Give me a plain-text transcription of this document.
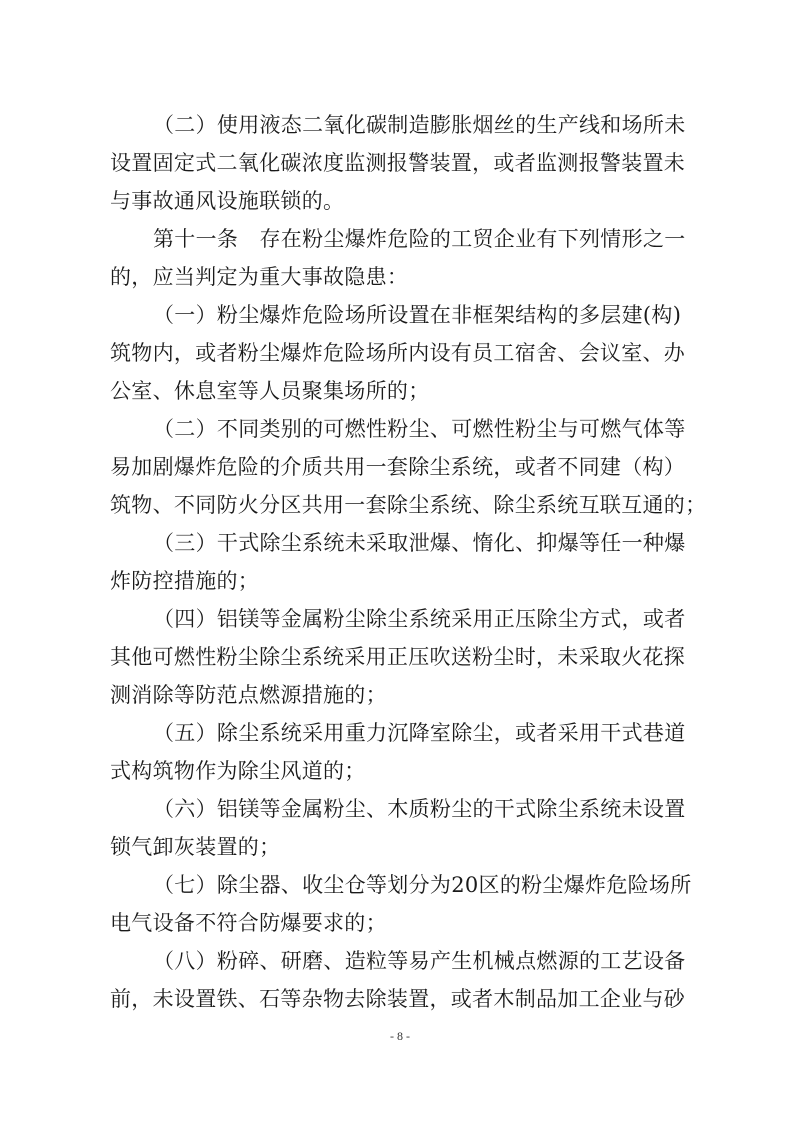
（二）使用液态二氧化碳制造膨胀烟丝的生产线和场所未
设置固定式二氧化碳浓度监测报警装置，或者监测报警装置未
与事故通风设施联锁的。
第十一条　存在粉尘爆炸危险的工贸企业有下列情形之一
的，应当判定为重大事故隐患：
（一）粉尘爆炸危险场所设置在非框架结构的多层建(构)
筑物内，或者粉尘爆炸危险场所内设有员工宿舍、会议室、办
公室、休息室等人员聚集场所的；
（二）不同类别的可燃性粉尘、可燃性粉尘与可燃气体等
易加剧爆炸危险的介质共用一套除尘系统，或者不同建（构）
筑物、不同防火分区共用一套除尘系统、除尘系统互联互通的；
（三）干式除尘系统未采取泄爆、惰化、抑爆等任一种爆
炸防控措施的；
（四）铝镁等金属粉尘除尘系统采用正压除尘方式，或者
其他可燃性粉尘除尘系统采用正压吹送粉尘时，未采取火花探
测消除等防范点燃源措施的；
（五）除尘系统采用重力沉降室除尘，或者采用干式巷道
式构筑物作为除尘风道的；
（六）铝镁等金属粉尘、木质粉尘的干式除尘系统未设置
锁气卸灰装置的；
（七）除尘器、收尘仓等划分为20区的粉尘爆炸危险场所
电气设备不符合防爆要求的；
- 8 -
（八）粉碎、研磨、造粒等易产生机械点燃源的工艺设备
前，未设置铁、石等杂物去除装置，或者木制品加工企业与砂
